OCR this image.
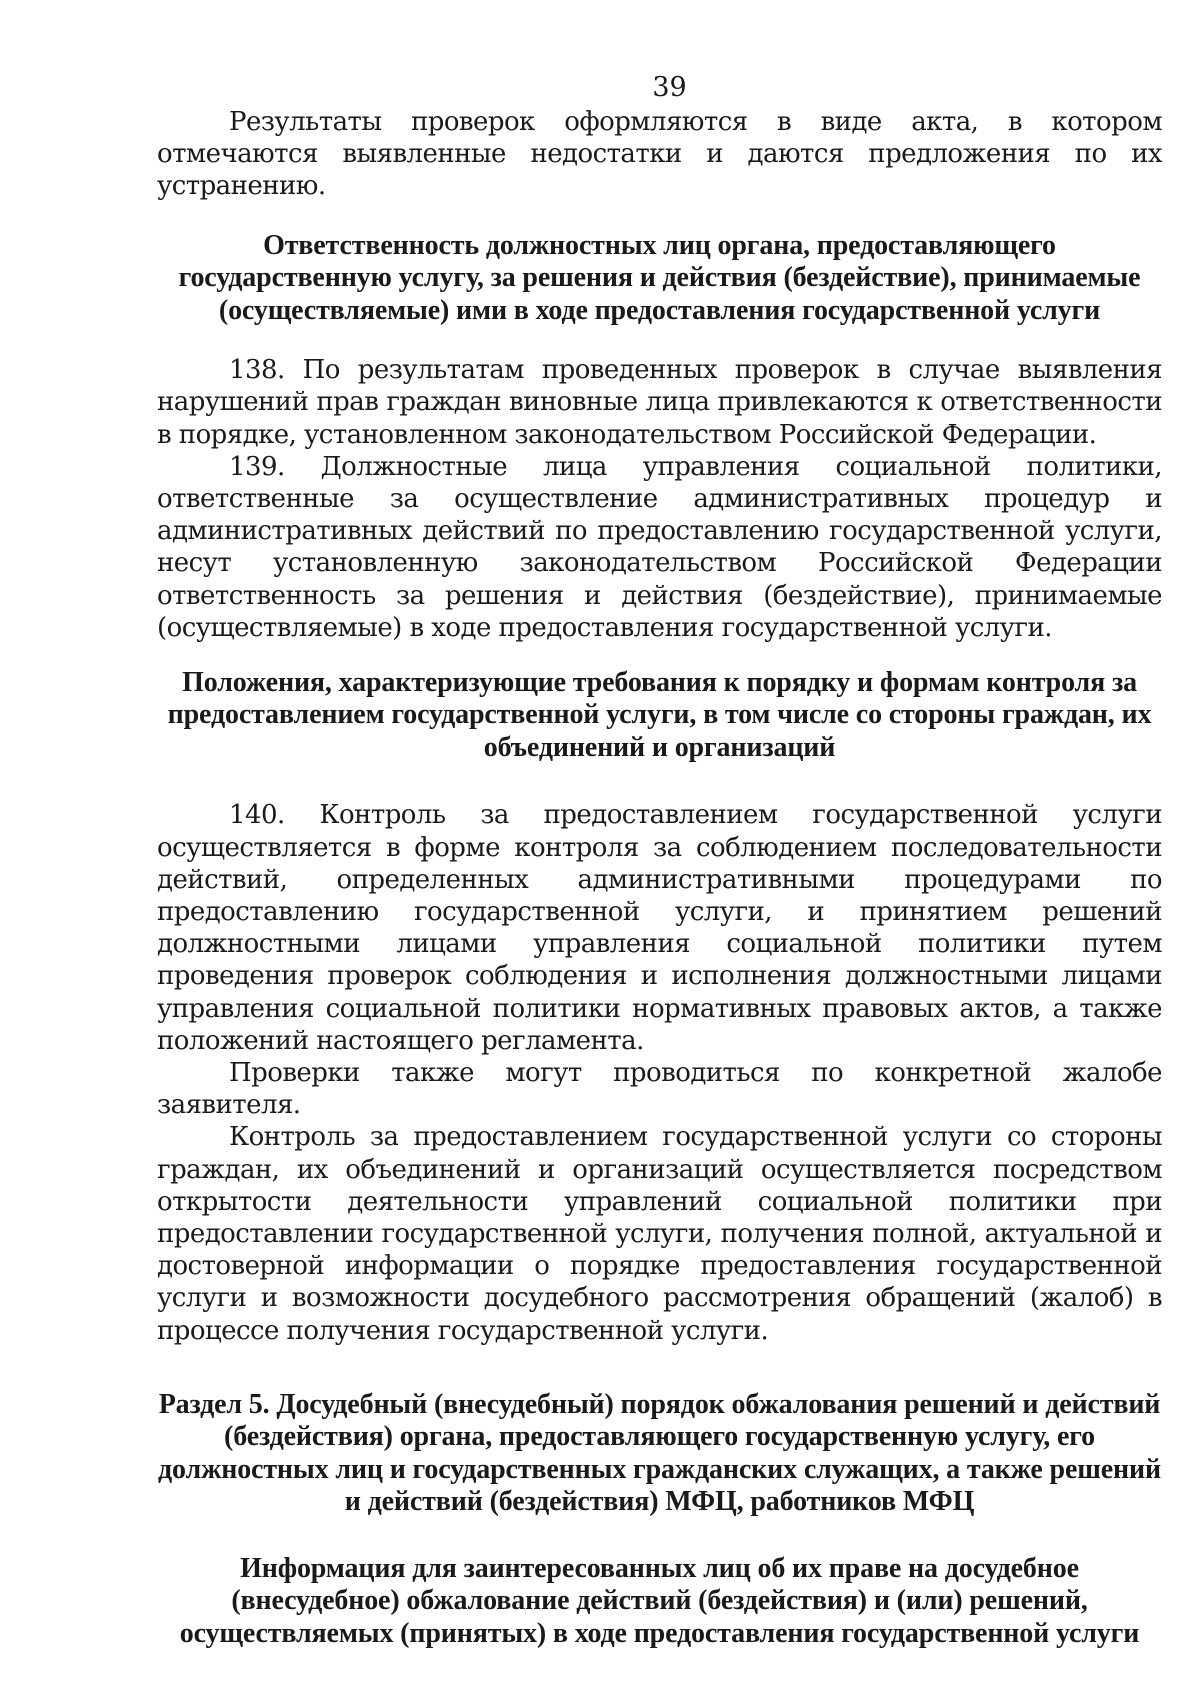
39

Результаты проверок оформляются в виде акта, в котором отмечаются выявленные недостатки и даются предложения по их устранению.

Ответственность должностных лиц органа, предоставляющего государственную услугу, за решения и действия (бездействие), принимаемые (осуществляемые) ими в ходе предоставления государственной услуги

138. По результатам проведенных проверок в случае выявления нарушений прав граждан виновные лица привлекаются к ответственности в порядке, установленном законодательством Российской Федерации.

139. Должностные лица управления социальной политики, ответственные за осуществление административных процедур и административных действий по предоставлению государственной услуги, несут установленную законодательством Российской Федерации ответственность за решения и действия (бездействие), принимаемые (осуществляемые) в ходе предоставления государственной услуги.

Положения, характеризующие требования к порядку и формам контроля за предоставлением государственной услуги, в том числе со стороны граждан, их объединений и организаций

140. Контроль за предоставлением государственной услуги осуществляется в форме контроля за соблюдением последовательности действий, определенных административными процедурами по предоставлению государственной услуги, и принятием решений должностными лицами управления социальной политики путем проведения проверок соблюдения и исполнения должностными лицами управления социальной политики нормативных правовых актов, а также положений настоящего регламента.

Проверки также могут проводиться по конкретной жалобе заявителя.

Контроль за предоставлением государственной услуги со стороны граждан, их объединений и организаций осуществляется посредством открытости деятельности управлений социальной политики при предоставлении государственной услуги, получения полной, актуальной и достоверной информации о порядке предоставления государственной услуги и возможности досудебного рассмотрения обращений (жалоб) в процессе получения государственной услуги.

Раздел 5. Досудебный (внесудебный) порядок обжалования решений и действий (бездействия) органа, предоставляющего государственную услугу, его должностных лиц и государственных гражданских служащих, а также решений и действий (бездействия) МФЦ, работников МФЦ
Информация для заинтересованных лиц об их праве на досудебное (внесудебное) обжалование действий (бездействия) и (или) решений, осуществляемых (принятых) в ходе предоставления государственной услуги
